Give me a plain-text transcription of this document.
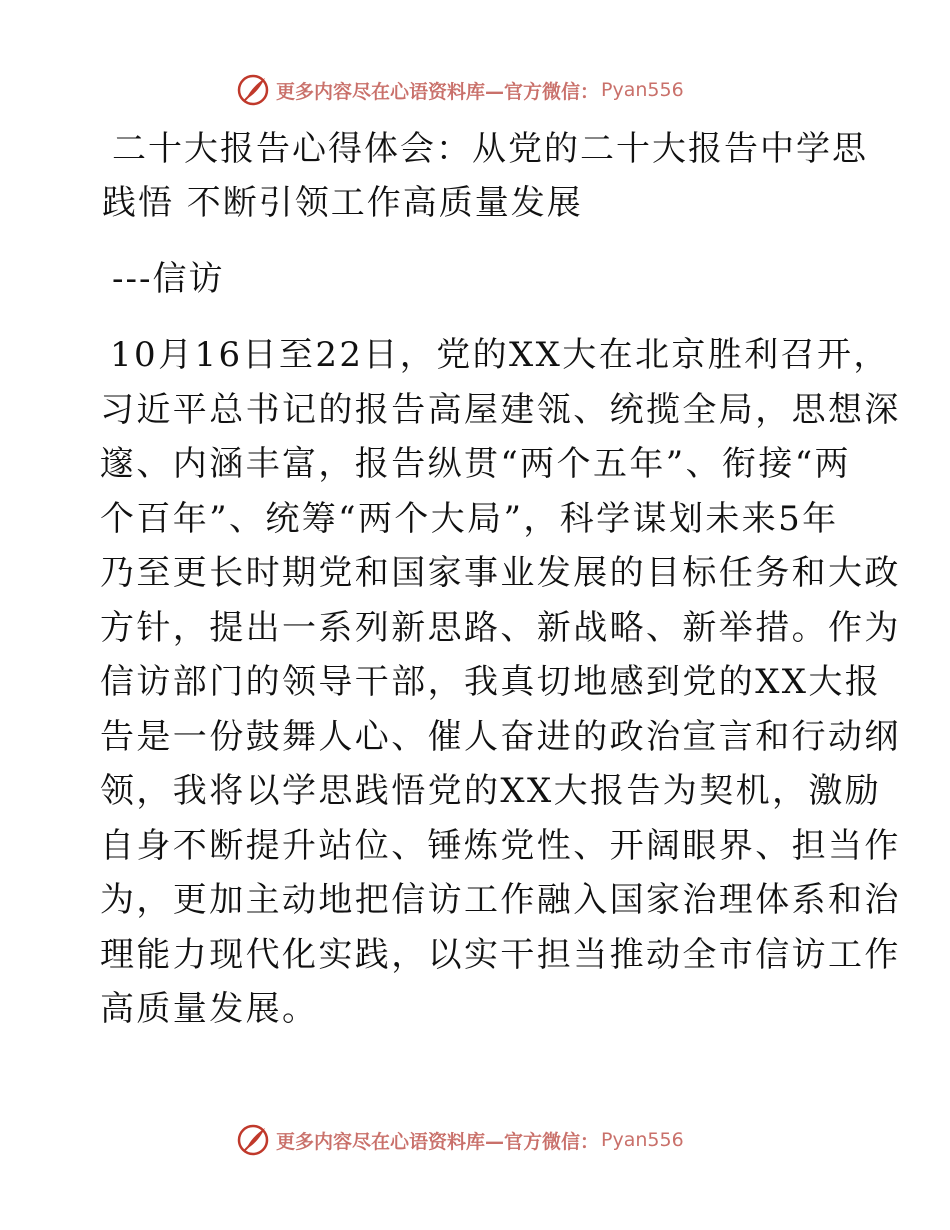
更多内容尽在心语资料库—官方微信： Pyan556
二十大报告心得体会：从党的二十大报告中学思
践悟 不断引领工作高质量发展

---信访

10月16日至22日，党的XX大在北京胜利召开，
习近平总书记的报告高屋建瓴、统揽全局，思想深
邃、内涵丰富，报告纵贯“两个五年”、衔接“两
个百年”、统筹“两个大局”，科学谋划未来5年
乃至更长时期党和国家事业发展的目标任务和大政
方针，提出一系列新思路、新战略、新举措。作为
信访部门的领导干部，我真切地感到党的XX大报
告是一份鼓舞人心、催人奋进的政治宣言和行动纲
领，我将以学思践悟党的XX大报告为契机，激励
自身不断提升站位、锤炼党性、开阔眼界、担当作
为，更加主动地把信访工作融入国家治理体系和治
理能力现代化实践，以实干担当推动全市信访工作
高质量发展。

更多内容尽在心语资料库—官方微信： Pyan556
